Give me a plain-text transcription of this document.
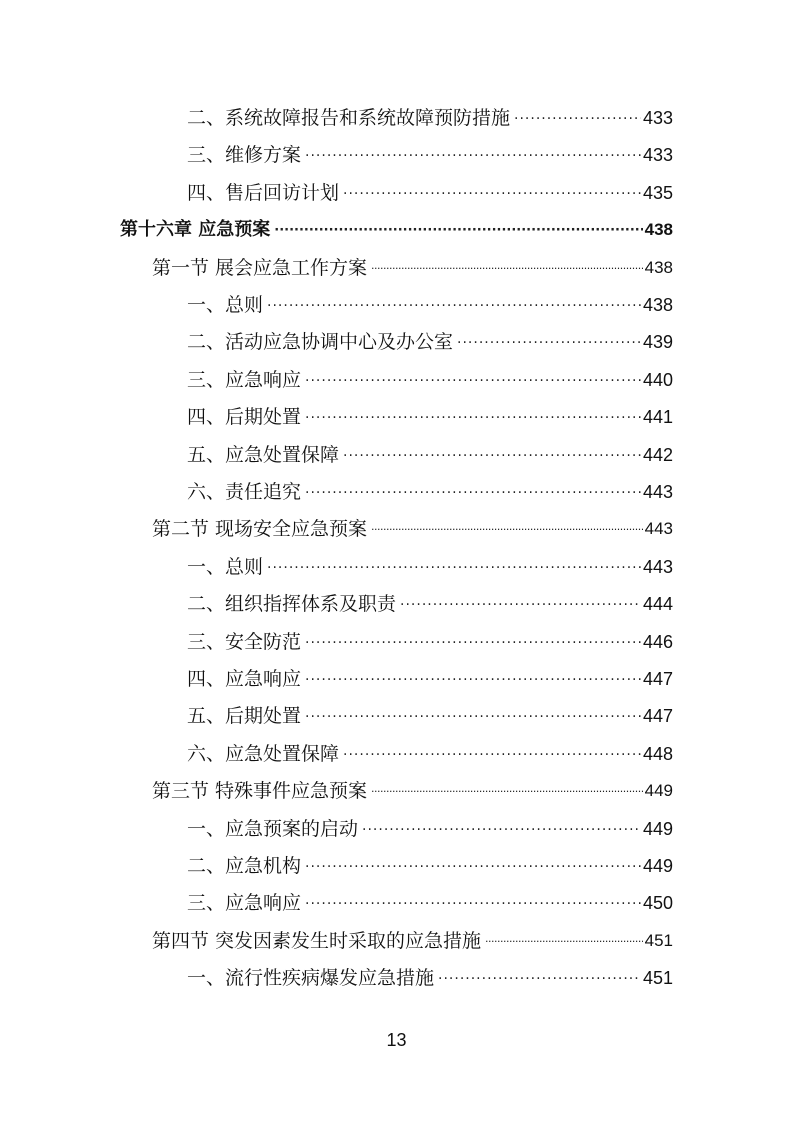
二、系统故障报告和系统故障预防措施 ·····	433
三、维修方案 ·····	433
四、售后回访计划 ·····	435
第十六章 应急预案 ·····	438
第一节 展会应急工作方案 ·····	438
一、总则 ·····	438
二、活动应急协调中心及办公室 ·····	439
三、应急响应 ·····	440
四、后期处置 ·····	441
五、应急处置保障 ·····	442
六、责任追究 ·····	443
第二节 现场安全应急预案 ·····	443
一、总则 ·····	443
二、组织指挥体系及职责 ·····	444
三、安全防范 ·····	446
四、应急响应 ·····	447
五、后期处置 ·····	447
六、应急处置保障 ·····	448
第三节 特殊事件应急预案 ·····	449
一、应急预案的启动 ·····	449
二、应急机构 ·····	449
三、应急响应 ·····	450
第四节 突发因素发生时采取的应急措施 ·····	451
一、流行性疾病爆发应急措施 ·····	451
13
